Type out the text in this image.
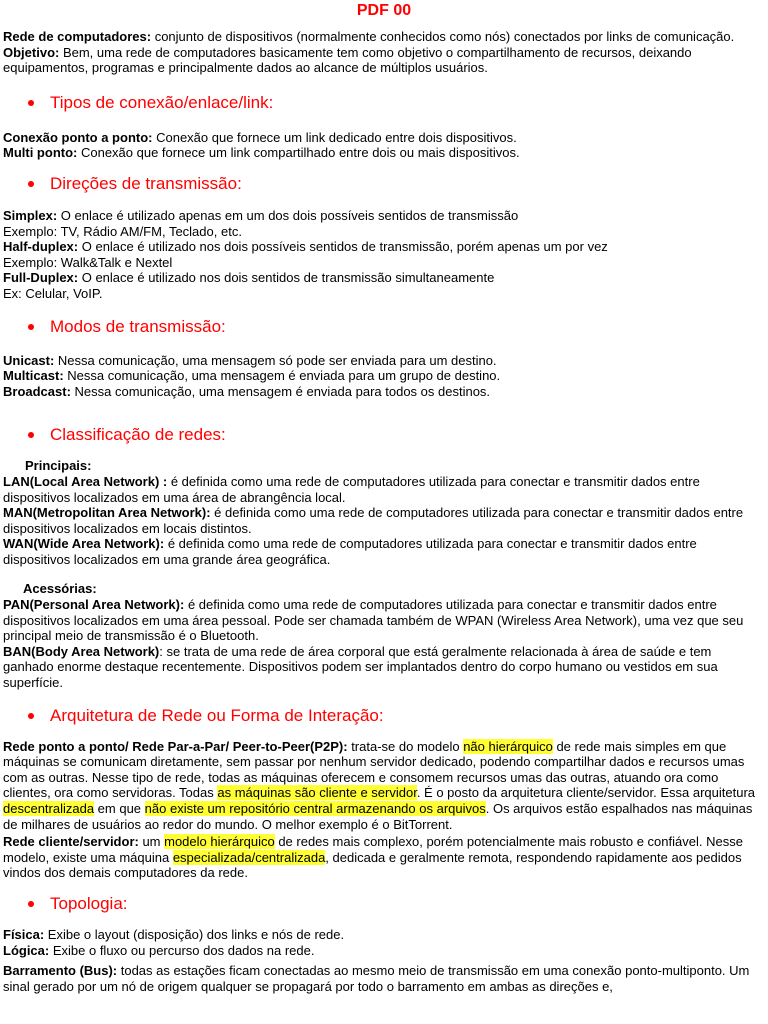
PDF 00

Rede de computadores: conjunto de dispositivos (normalmente conhecidos como nós) conectados por links de comunicação.

Objetivo: Bem, uma rede de computadores basicamente tem como objetivo o compartilhamento de recursos, deixando equipamentos, programas e principalmente dados ao alcance de múltiplos usuários.

Tipos de conexão/enlace/link:

Conexão ponto a ponto: Conexão que fornece um link dedicado entre dois dispositivos.

Multi ponto: Conexão que fornece um link compartilhado entre dois ou mais dispositivos.

Direções de transmissão:

Simplex: O enlace é utilizado apenas em um dos dois possíveis sentidos de transmissão

Exemplo: TV, Rádio AM/FM, Teclado, etc.

Half-duplex: O enlace é utilizado nos dois possíveis sentidos de transmissão, porém apenas um por vez

Exemplo: Walk&Talk e Nextel

Full-Duplex: O enlace é utilizado nos dois sentidos de transmissão simultaneamente

Ex: Celular, VoIP.

Modos de transmissão:

Unicast: Nessa comunicação, uma mensagem só pode ser enviada para um destino.

Multicast: Nessa comunicação, uma mensagem é enviada para um grupo de destino.

Broadcast: Nessa comunicação, uma mensagem é enviada para todos os destinos.

Classificação de redes:

Principais:

LAN(Local Area Network) : é definida como uma rede de computadores utilizada para conectar e transmitir dados entre dispositivos localizados em uma área de abrangência local.

MAN(Metropolitan Area Network): é definida como uma rede de computadores utilizada para conectar e transmitir dados entre dispositivos localizados em locais distintos.

WAN(Wide Area Network): é definida como uma rede de computadores utilizada para conectar e transmitir dados entre dispositivos localizados em uma grande área geográfica.

Acessórias:

PAN(Personal Area Network): é definida como uma rede de computadores utilizada para conectar e transmitir dados entre dispositivos localizados em uma área pessoal. Pode ser chamada também de WPAN (Wireless Area Network), uma vez que seu principal meio de transmissão é o Bluetooth.

BAN(Body Area Network): se trata de uma rede de área corporal que está geralmente relacionada à área de saúde e tem ganhado enorme destaque recentemente. Dispositivos podem ser implantados dentro do corpo humano ou vestidos em sua superfície.

Arquitetura de Rede ou Forma de Interação:

Rede ponto a ponto/ Rede Par-a-Par/ Peer-to-Peer(P2P): trata-se do modelo não hierárquico de rede mais simples em que máquinas se comunicam diretamente, sem passar por nenhum servidor dedicado, podendo compartilhar dados e recursos umas com as outras. Nesse tipo de rede, todas as máquinas oferecem e consomem recursos umas das outras, atuando ora como clientes, ora como servidoras. Todas as máquinas são cliente e servidor. É o posto da arquitetura cliente/servidor. Essa arquitetura descentralizada em que não existe um repositório central armazenando os arquivos. Os arquivos estão espalhados nas máquinas de milhares de usuários ao redor do mundo. O melhor exemplo é o BitTorrent.

Rede cliente/servidor: um modelo hierárquico de redes mais complexo, porém potencialmente mais robusto e confiável. Nesse modelo, existe uma máquina especializada/centralizada, dedicada e geralmente remota, respondendo rapidamente aos pedidos vindos dos demais computadores da rede.

Topologia:

Física: Exibe o layout (disposição) dos links e nós de rede.

Lógica: Exibe o fluxo ou percurso dos dados na rede.

Barramento (Bus): todas as estações ficam conectadas ao mesmo meio de transmissão em uma conexão ponto-multiponto. Um sinal gerado por um nó de origem qualquer se propagará por todo o barramento em ambas as direções e,
